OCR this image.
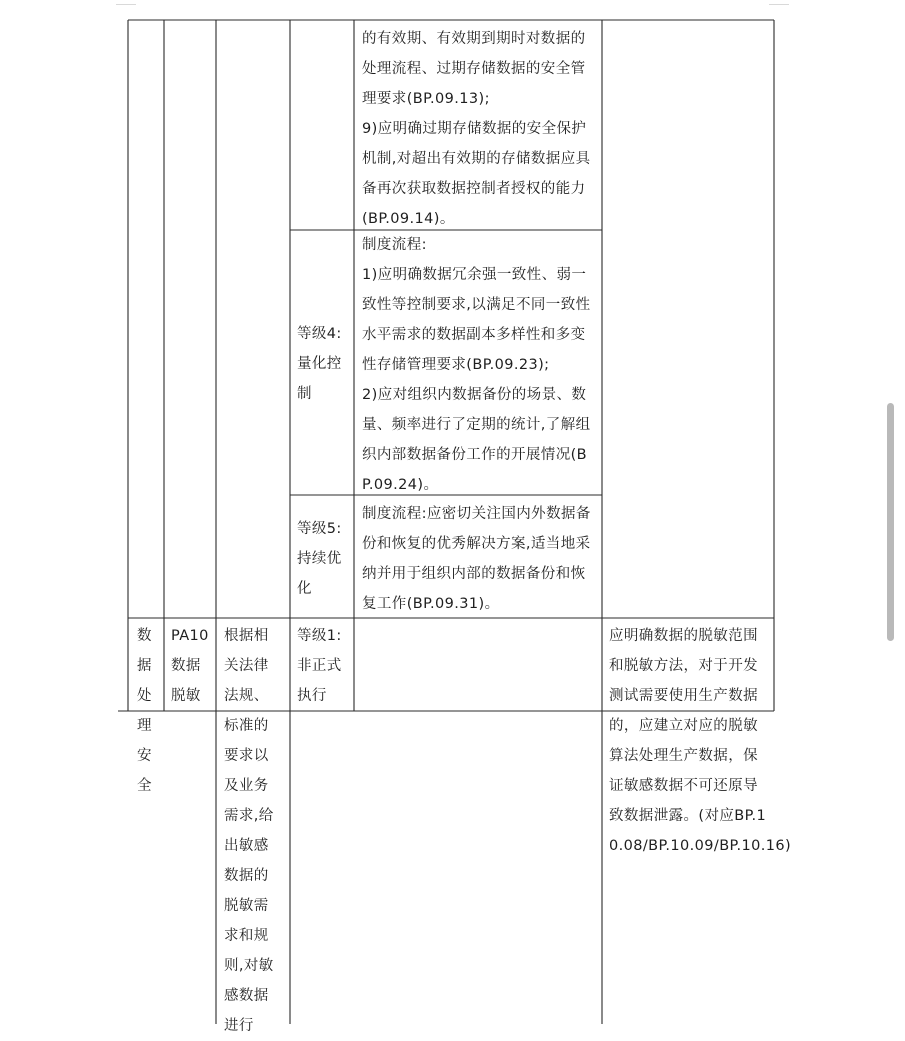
的有效期、有效期到期时对数据的
处理流程、过期存储数据的安全管
理要求(BP.09.13);
9)应明确过期存储数据的安全保护
机制,对超出有效期的存储数据应具
备再次获取数据控制者授权的能力
(BP.09.14)。
等级4:
量化控
制
制度流程:
1)应明确数据冗余强一致性、弱一
致性等控制要求,以满足不同一致性
水平需求的数据副本多样性和多变
性存储管理要求(BP.09.23);
2)应对组织内数据备份的场景、数
量、频率进行了定期的统计,了解组
织内部数据备份工作的开展情况(B
P.09.24)。
等级5:
持续优
化
制度流程:应密切关注国内外数据备
份和恢复的优秀解决方案,适当地采
纳并用于组织内部的数据备份和恢
复工作(BP.09.31)。
数
据
处
理
安
全
PA10
数据
脱敏
根据相
关法律
法规、
标准的
要求以
及业务
需求,给
出敏感
数据的
脱敏需
求和规
则,对敏
感数据
进行
等级1:
非正式
执行
应明确数据的脱敏范围
和脱敏方法，对于开发
测试需要使用生产数据
的，应建立对应的脱敏
算法处理生产数据，保
证敏感数据不可还原导
致数据泄露。(对应BP.1
0.08/BP.10.09/BP.10.16)
